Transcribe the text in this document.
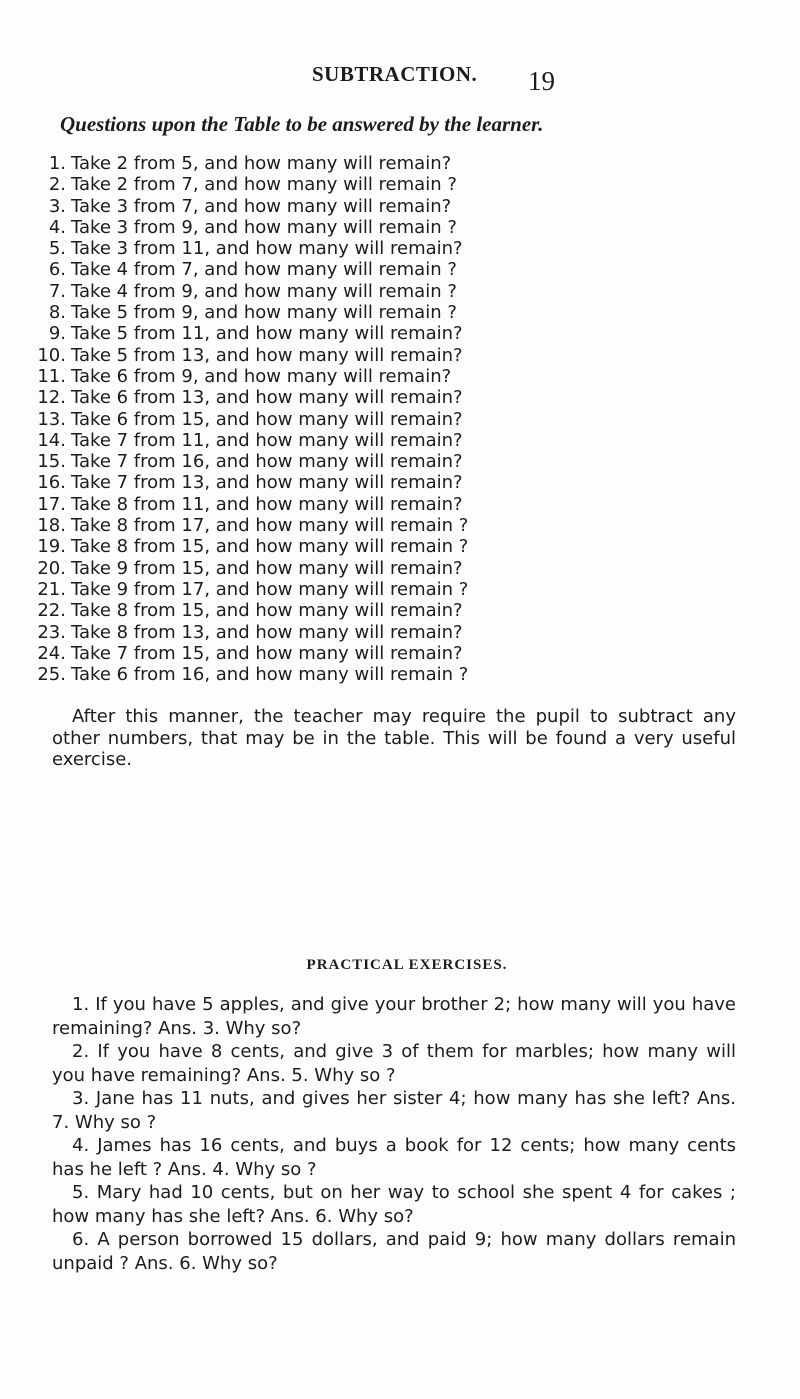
SUBTRACTION. 19
Questions upon the Table to be answered by the learner.
1. Take 2 from 5, and how many will remain?
2. Take 2 from 7, and how many will remain ?
3. Take 3 from 7, and how many will remain?
4. Take 3 from 9, and how many will remain ?
5. Take 3 from 11, and how many will remain?
6. Take 4 from 7, and how many will remain ?
7. Take 4 from 9, and how many will remain ?
8. Take 5 from 9, and how many will remain ?
9. Take 5 from 11, and how many will remain?
10. Take 5 from 13, and how many will remain?
11. Take 6 from 9, and how many will remain?
12. Take 6 from 13, and how many will remain?
13. Take 6 from 15, and how many will remain?
14. Take 7 from 11, and how many will remain?
15. Take 7 from 16, and how many will remain?
16. Take 7 from 13, and how many will remain?
17. Take 8 from 11, and how many will remain?
18. Take 8 from 17, and how many will remain ?
19. Take 8 from 15, and how many will remain ?
20. Take 9 from 15, and how many will remain?
21. Take 9 from 17, and how many will remain ?
22. Take 8 from 15, and how many will remain?
23. Take 8 from 13, and how many will remain?
24. Take 7 from 15, and how many will remain?
25. Take 6 from 16, and how many will remain ?

After this manner, the teacher may require the pupil to subtract any other numbers, that may be in the table. This will be found a very useful exercise.

PRACTICAL EXERCISES.

1. If you have 5 apples, and give your brother 2; how many will you have remaining? Ans. 3. Why so?

2. If you have 8 cents, and give 3 of them for marbles; how many will you have remaining? Ans. 5. Why so ?

3. Jane has 11 nuts, and gives her sister 4; how many has she left? Ans. 7. Why so ?

4. James has 16 cents, and buys a book for 12 cents; how many cents has he left ? Ans. 4. Why so ?

5. Mary had 10 cents, but on her way to school she spent 4 for cakes ; how many has she left? Ans. 6. Why so?

6. A person borrowed 15 dollars, and paid 9; how many dollars remain unpaid ? Ans. 6. Why so?
